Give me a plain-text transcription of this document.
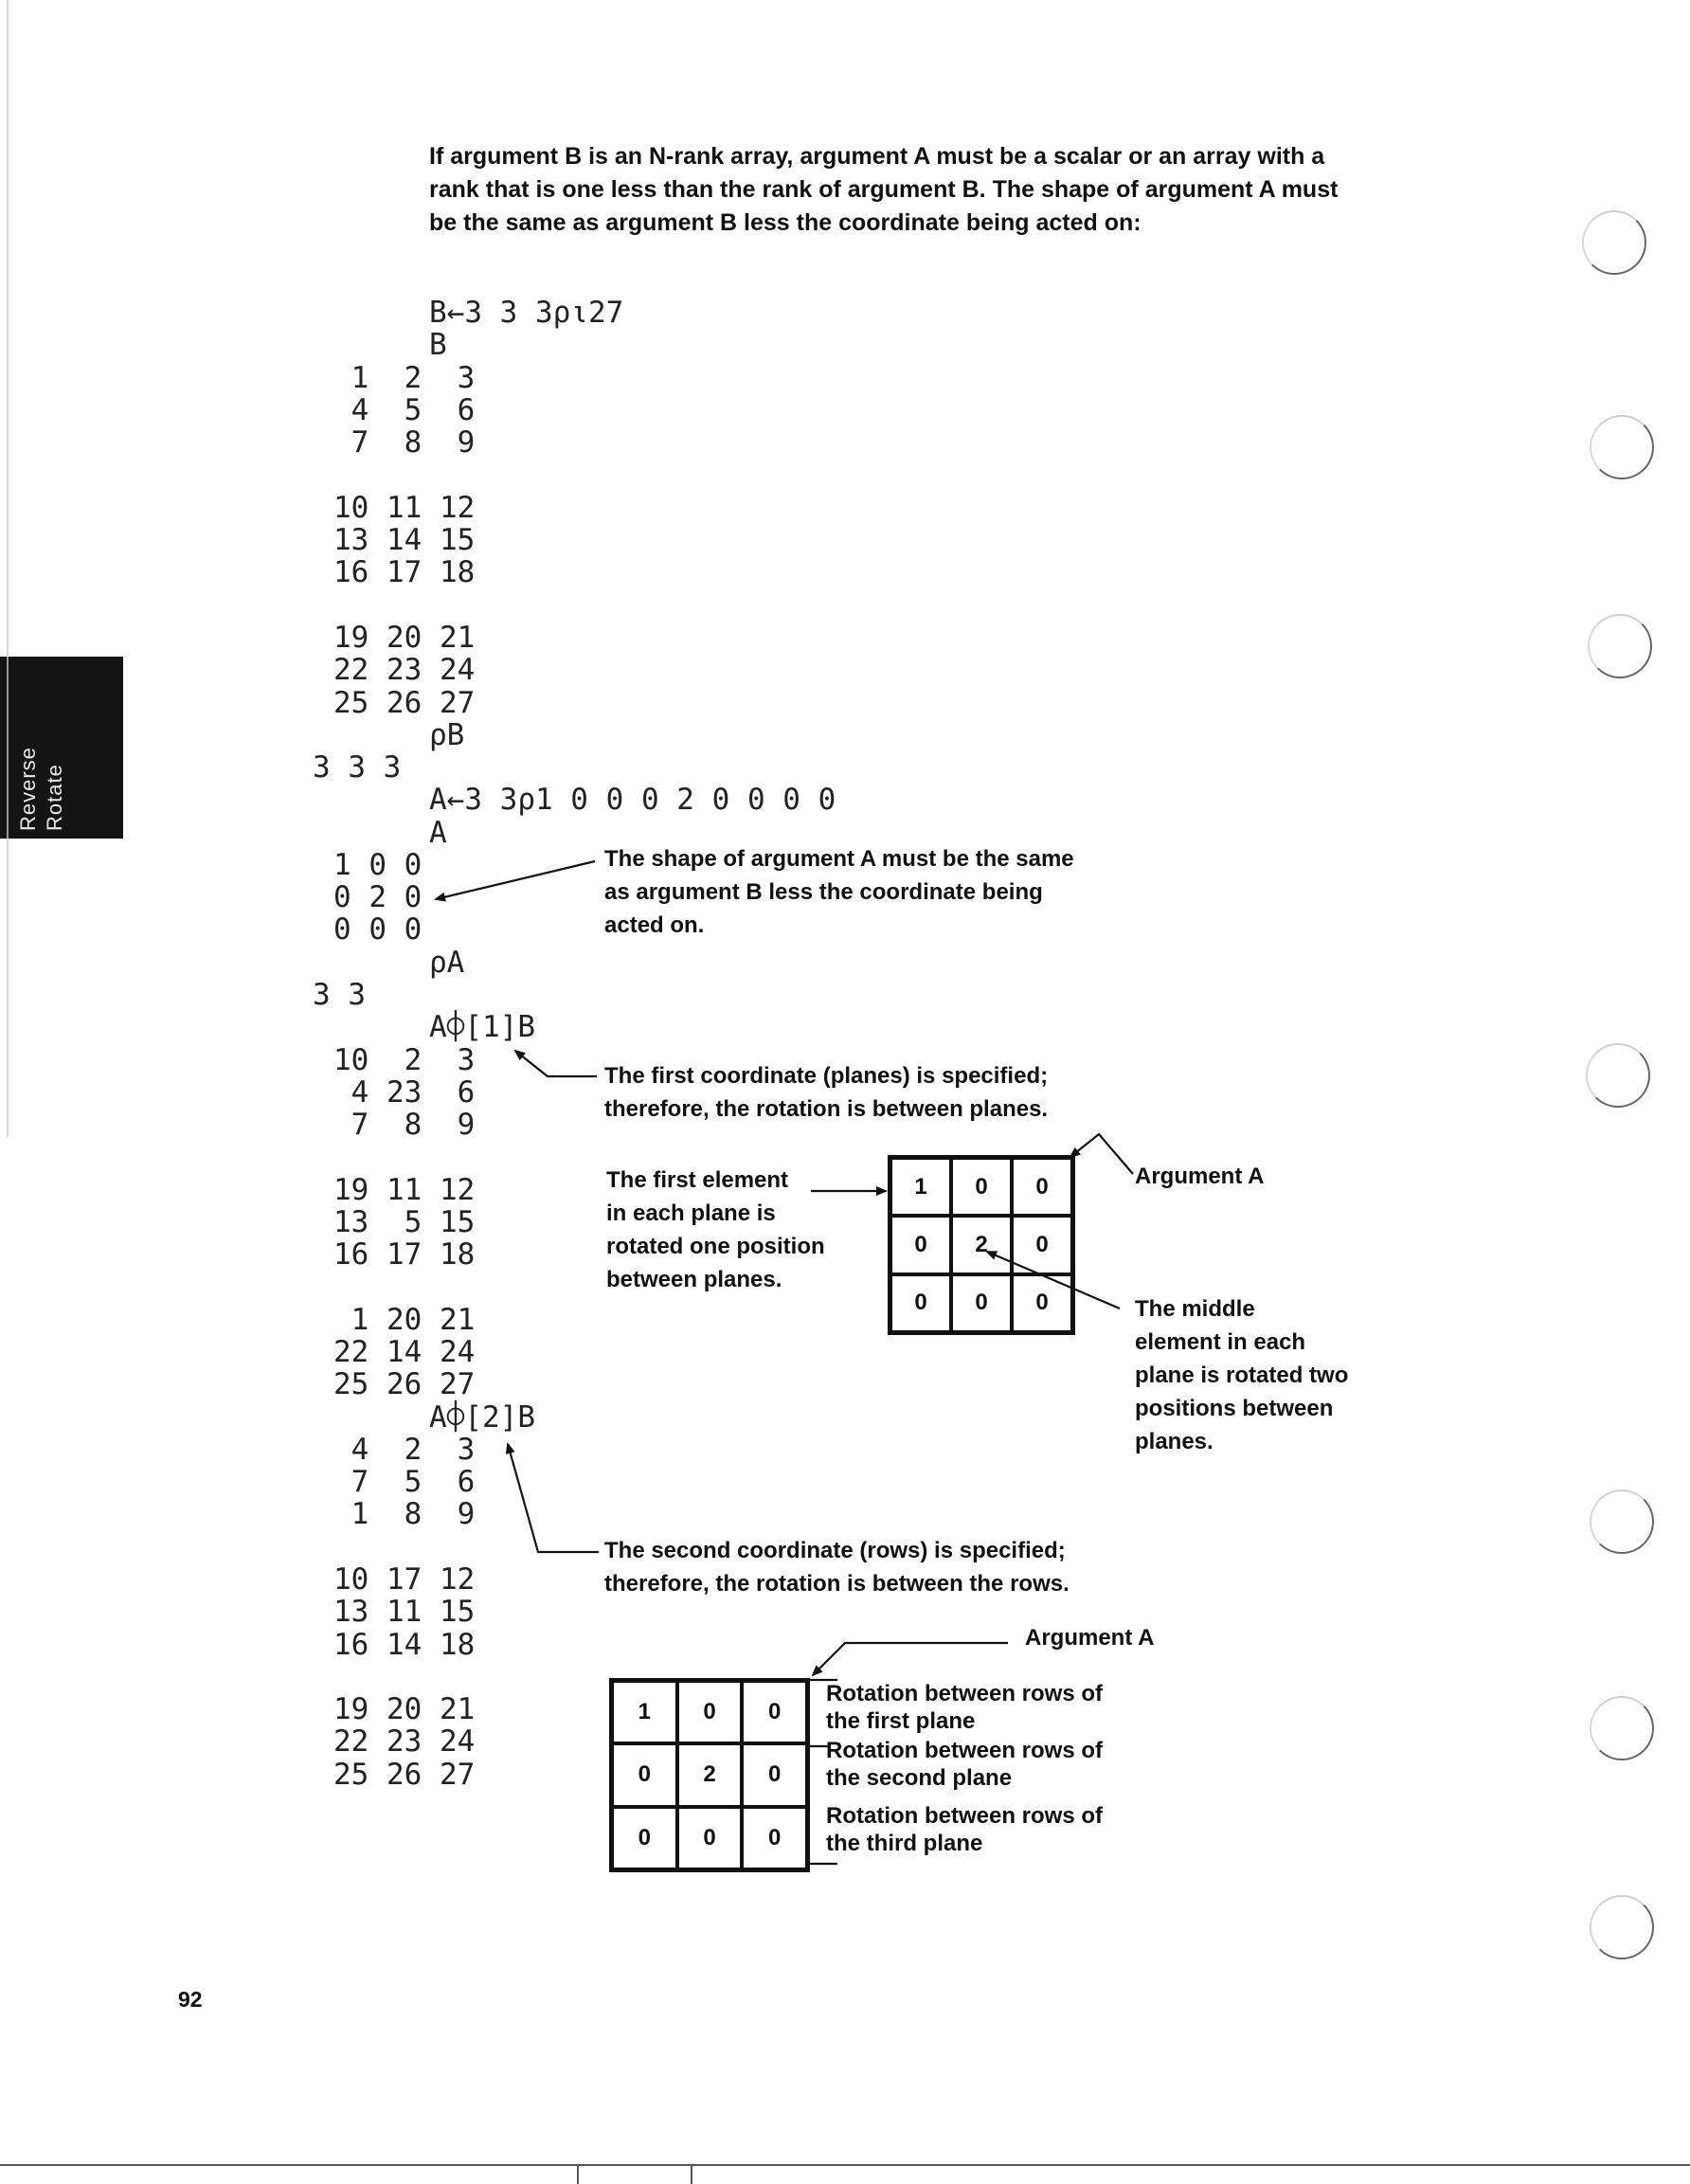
If argument B is an N-rank array, argument A must be a scalar or an array with a
rank that is one less than the rank of argument B. The shape of argument A must
be the same as argument B less the coordinate being acted on:
Reverse Rotate
B←3 3 3ρι27
B
1  2  3
4  5  6
7  8  9
10 11 12
13 14 15
16 17 18
19 20 21
22 23 24
25 26 27
ρB
3 3 3
A←3 3ρ1 0 0 0 2 0 0 0 0
A
1 0 0
0 2 0
0 0 0
ρA
3 3
A⌽[1]B
10  2  3
4 23  6
7  8  9
19 11 12
13  5 15
16 17 18
1 20 21
22 14 24
25 26 27
A⌽[2]B
4  2  3
7  5  6
1  8  9
10 17 12
13 11 15
16 14 18
19 20 21
22 23 24
25 26 27
The shape of argument A must be the same
as argument B less the coordinate being
acted on.
The first coordinate (planes) is specified;
therefore, the rotation is between planes.
The first element
in each plane is
rotated one position
between planes.
Argument A
The middle
element in each
plane is rotated two
positions between
planes.
The second coordinate (rows) is specified;
therefore, the rotation is between the rows.
Argument A
Rotation between rows of
the first plane
Rotation between rows of
the second plane
Rotation between rows of
the third plane
1	0	0
0	2	0
0	0	0
1	0	0
0	2	0
0	0	0
92
